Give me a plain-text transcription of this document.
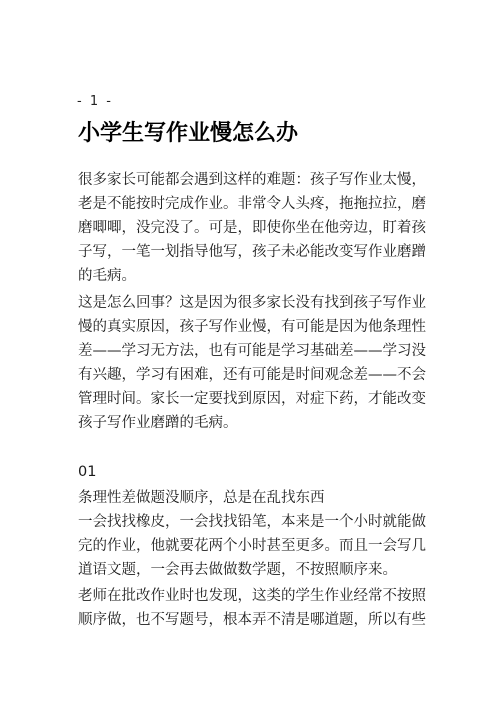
- 1 -
小学生写作业慢怎么办
很多家长可能都会遇到这样的难题：孩子写作业太慢，
老是不能按时完成作业。非常令人头疼，拖拖拉拉，磨
磨唧唧，没完没了。可是，即使你坐在他旁边，盯着孩
子写，一笔一划指导他写，孩子未必能改变写作业磨蹭
的毛病。
这是怎么回事？这是因为很多家长没有找到孩子写作业
慢的真实原因，孩子写作业慢，有可能是因为他条理性
差——学习无方法，也有可能是学习基础差——学习没
有兴趣，学习有困难，还有可能是时间观念差——不会
管理时间。家长一定要找到原因，对症下药，才能改变
孩子写作业磨蹭的毛病。
01
条理性差做题没顺序，总是在乱找东西
一会找找橡皮，一会找找铅笔，本来是一个小时就能做
完的作业，他就要花两个小时甚至更多。而且一会写几
道语文题，一会再去做做数学题，不按照顺序来。
老师在批改作业时也发现，这类的学生作业经常不按照
顺序做，也不写题号，根本弄不清是哪道题，所以有些
